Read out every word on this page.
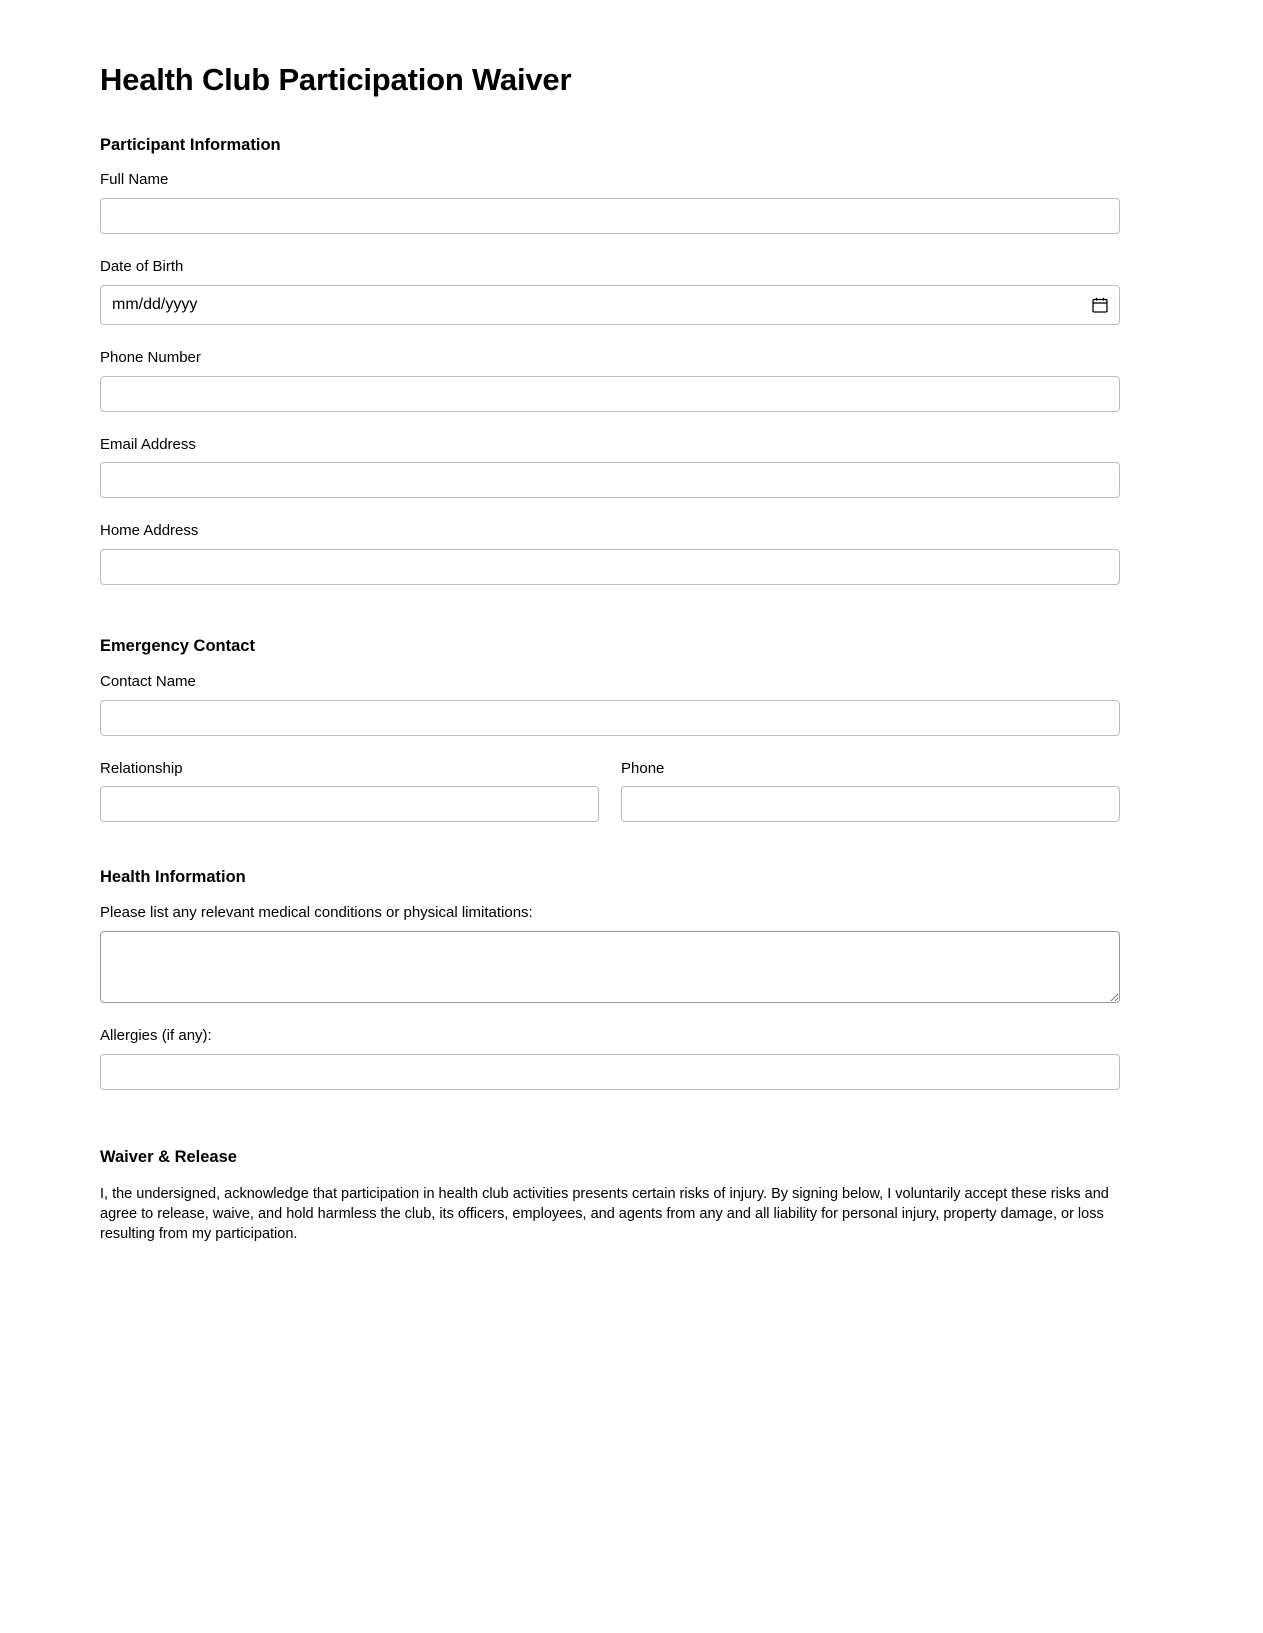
Health Club Participation Waiver
Participant Information
Full Name
Date of Birth
mm/dd/yyyy
Phone Number
Email Address
Home Address
Emergency Contact
Contact Name
Relationship	Phone
Health Information
Please list any relevant medical conditions or physical limitations:
Allergies (if any):
Waiver & Release

I, the undersigned, acknowledge that participation in health club activities presents certain risks of injury. By signing below, I voluntarily accept these risks and agree to release, waive, and hold harmless the club, its officers, employees, and agents from any and all liability for personal injury, property damage, or loss resulting from my participation.
